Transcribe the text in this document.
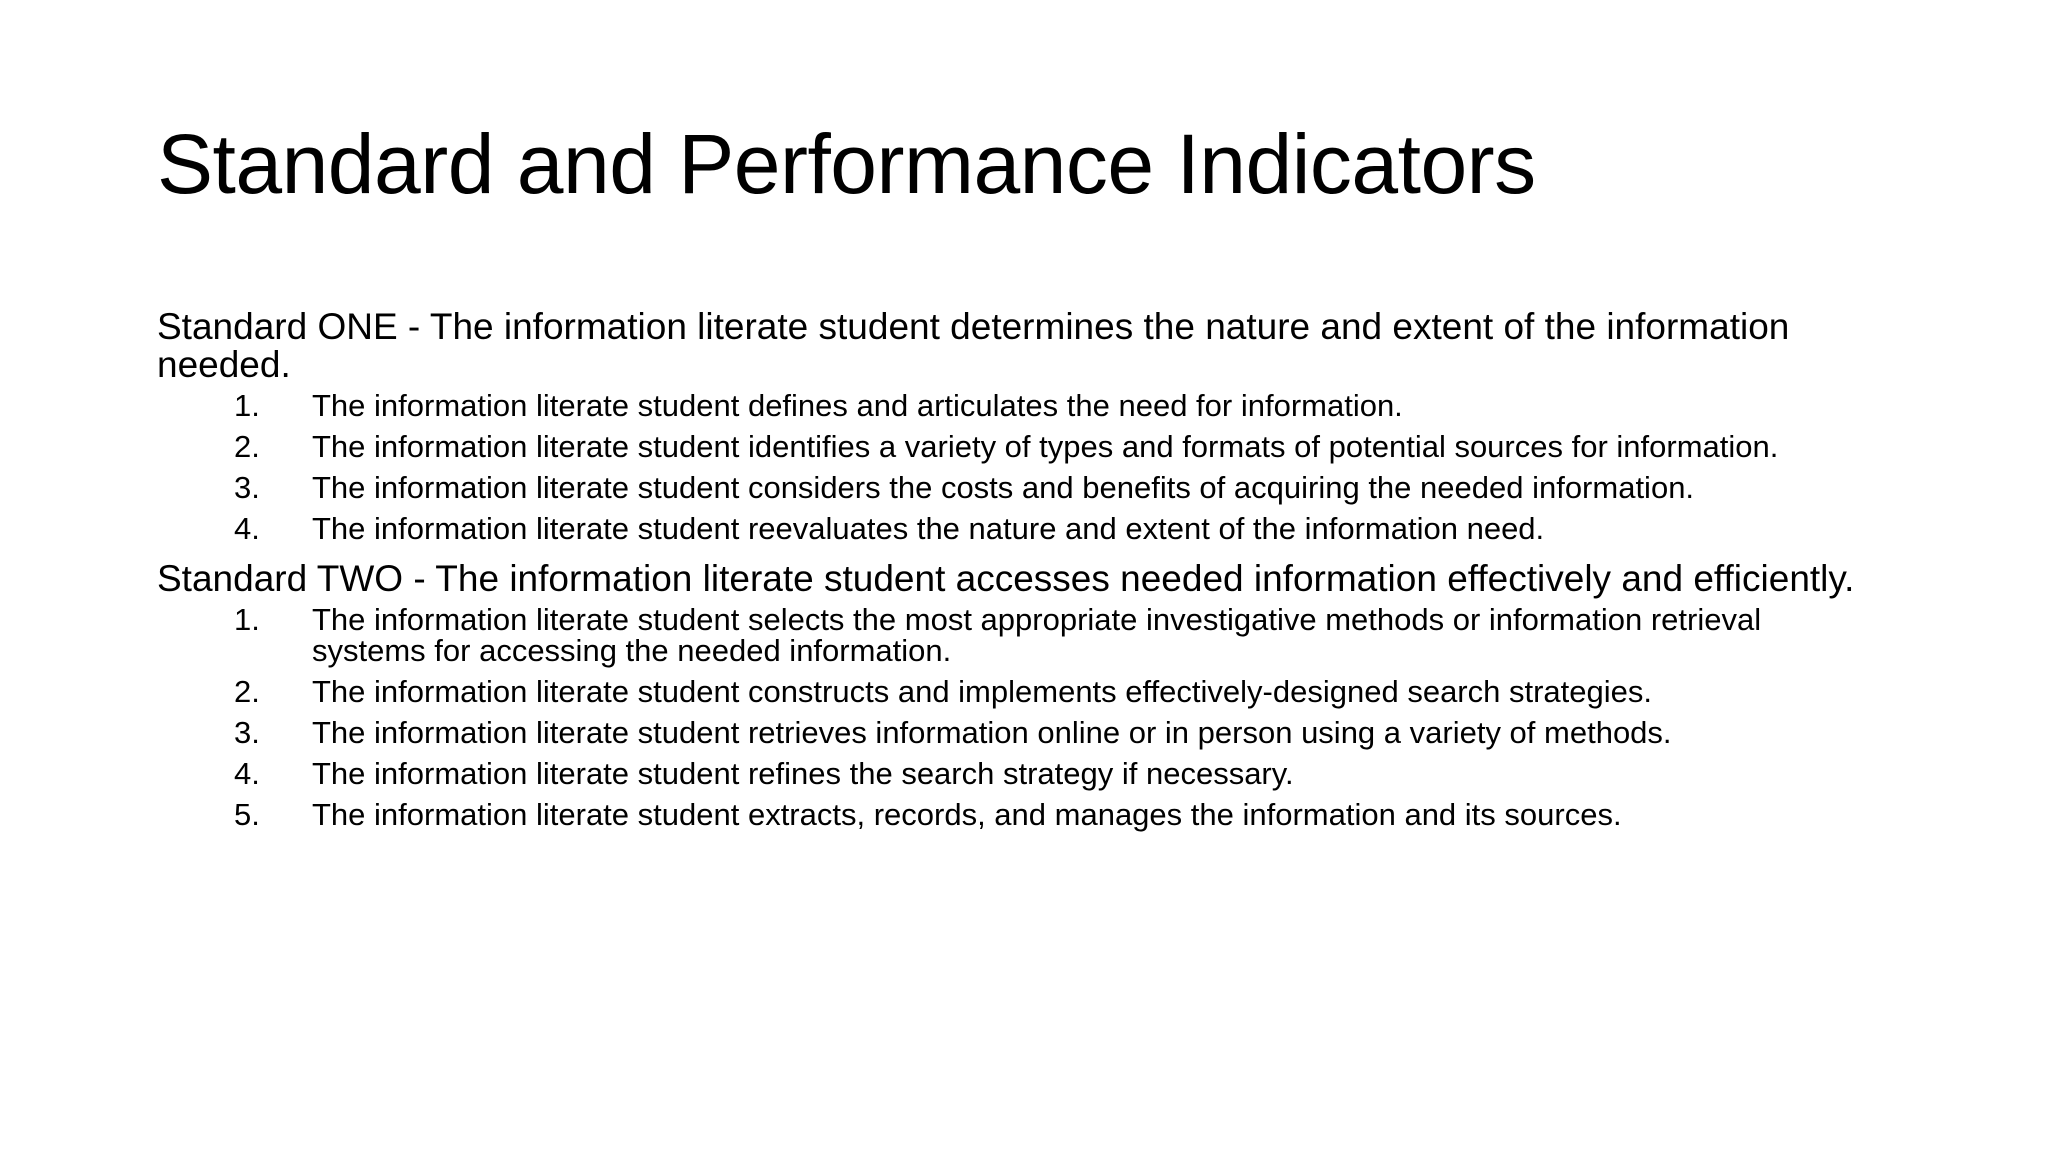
Standard and Performance Indicators
Standard ONE - The information literate student determines the nature and extent of the information needed.
1.	The information literate student defines and articulates the need for information.
2.	The information literate student identifies a variety of types and formats of potential sources for information.
3.	The information literate student considers the costs and benefits of acquiring the needed information.
4.	The information literate student reevaluates the nature and extent of the information need.
Standard TWO - The information literate student accesses needed information effectively and efficiently.
1.	The information literate student selects the most appropriate investigative methods or information retrieval systems for accessing the needed information.
2.	The information literate student constructs and implements effectively-designed search strategies.
3.	The information literate student retrieves information online or in person using a variety of methods.
4.	The information literate student refines the search strategy if necessary.
5.	The information literate student extracts, records, and manages the information and its sources.
